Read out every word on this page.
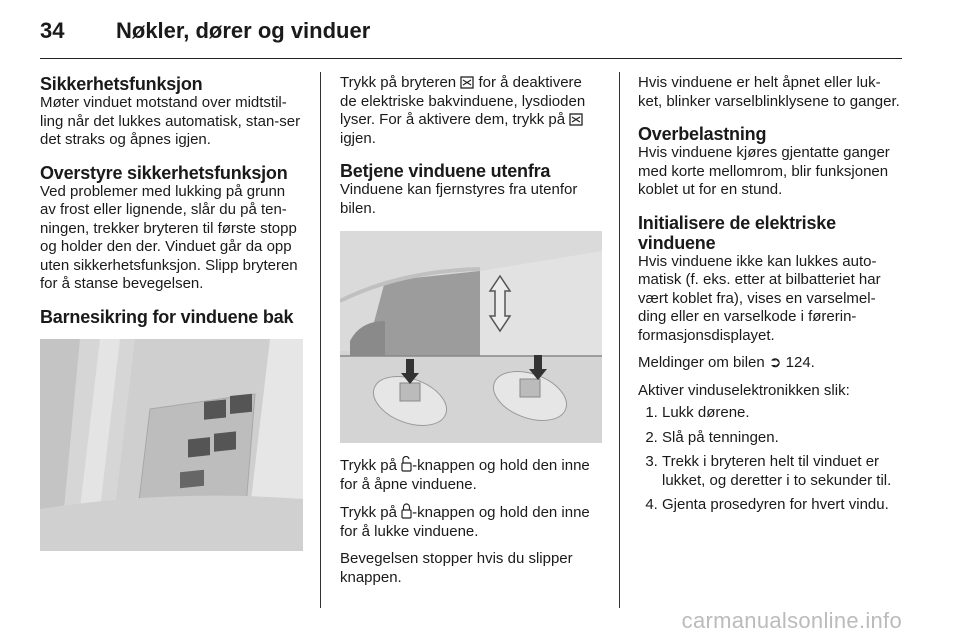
34	Nøkler, dører og vinduer
Sikkerhetsfunksjon

Møter vinduet motstand over midtstil-ling når det lukkes automatisk, stan-ser det straks og åpnes igjen.

Overstyre sikkerhetsfunksjon

Ved problemer med lukking på grunn av frost eller lignende, slår du på ten-ningen, trekker bryteren til første stopp og holder den der. Vinduet går da opp uten sikkerhetsfunksjon. Slipp bryteren for å stanse bevegelsen.

Barnesikring for vinduene bak

Trykk på bryteren  for å deaktivere de elektriske bakvinduene, lysdioden lyser. For å aktivere dem, trykk på  igjen.

Betjene vinduene utenfra

Vinduene kan fjernstyres fra utenfor bilen.

Trykk på -knappen og hold den inne for å åpne vinduene.

Trykk på -knappen og hold den inne for å lukke vinduene.

Bevegelsen stopper hvis du slipper knappen.

Hvis vinduene er helt åpnet eller luk-ket, blinker varselblinklysene to ganger.

Overbelastning

Hvis vinduene kjøres gjentatte ganger med korte mellomrom, blir funksjonen koblet ut for en stund.

Initialisere de elektriske vinduene

Hvis vinduene ikke kan lukkes auto-matisk (f. eks. etter at bilbatteriet har vært koblet fra), vises en varselmel-ding eller en varselkode i førerin-formasjonsdisplayet.

Meldinger om bilen ➲ 124.

Aktiver vinduselektronikken slik:

1. Lukk dørene.
2. Slå på tenningen.
3. Trekk i bryteren helt til vinduet er lukket, og deretter i to sekunder til.
4. Gjenta prosedyren for hvert vindu.
carmanualsonline.info
